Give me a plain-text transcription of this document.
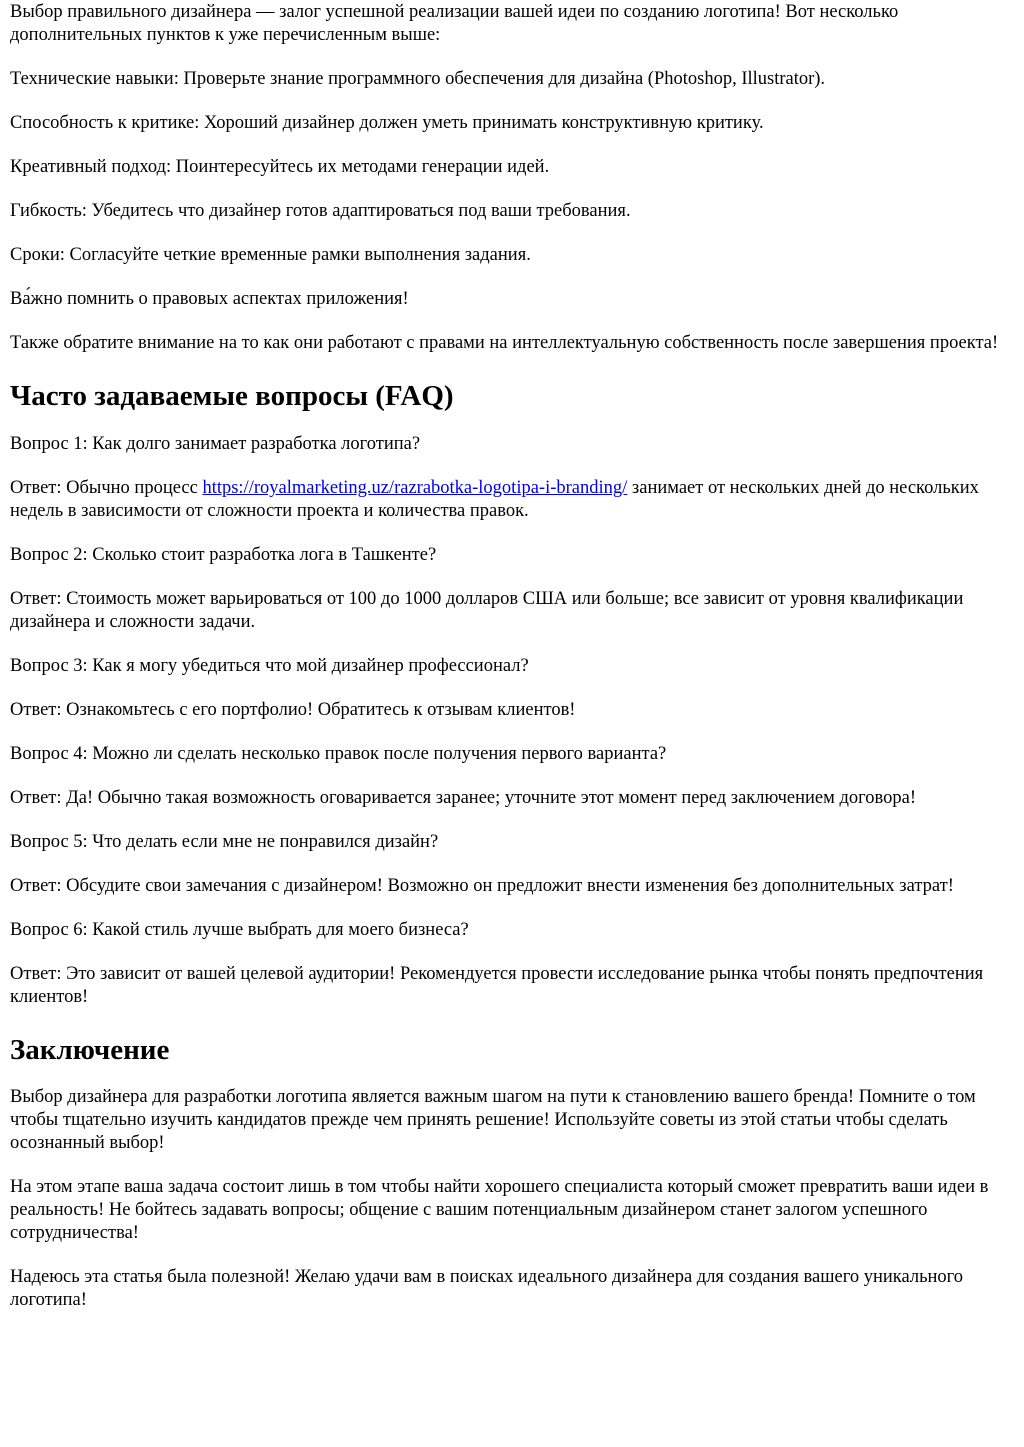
Выбор правильного дизайнера — залог успешной реализации вашей идеи по созданию логотипа! Вот несколько дополнительных пунктов к уже перечисленным выше:

Технические навыки: Проверьте знание программного обеспечения для дизайна (Photoshop, Illustrator).

Способность к критике: Хороший дизайнер должен уметь принимать конструктивную критику.

Креативный подход: Поинтересуйтесь их методами генерации идей.

Гибкость: Убедитесь что дизайнер готов адаптироваться под ваши требования.

Сроки: Согласуйте четкие временные рамки выполнения задания.

Ва́жно помнить о правовых аспектах приложения!

Также обратите внимание на то как они работают с правами на интеллектуальную собственность после завершения проекта!

Часто задаваемые вопросы (FAQ)

Вопрос 1: Как долго занимает разработка логотипа?

Ответ: Обычно процесс https://royalmarketing.uz/razrabotka-logotipa-i-branding/ занимает от нескольких дней до нескольких недель в зависимости от сложности проекта и количества правок.

Вопрос 2: Сколько стоит разработка лога в Ташкенте?

Ответ: Стоимость может варьироваться от 100 до 1000 долларов США или больше; все зависит от уровня квалификации дизайнера и сложности задачи.

Вопрос 3: Как я могу убедиться что мой дизайнер профессионал?

Ответ: Ознакомьтесь с его портфолио! Обратитесь к отзывам клиентов!

Вопрос 4: Можно ли сделать несколько правок после получения первого варианта?

Ответ: Да! Обычно такая возможность оговаривается заранее; уточните этот момент перед заключением договора!

Вопрос 5: Что делать если мне не понравился дизайн?

Ответ: Обсудите свои замечания с дизайнером! Возможно он предложит внести изменения без дополнительных затрат!

Вопрос 6: Какой стиль лучше выбрать для моего бизнеса?

Ответ: Это зависит от вашей целевой аудитории! Рекомендуется провести исследование рынка чтобы понять предпочтения клиентов!

Заключение

Выбор дизайнера для разработки логотипа является важным шагом на пути к становлению вашего бренда! Помните о том чтобы тщательно изучить кандидатов прежде чем принять решение! Используйте советы из этой статьи чтобы сделать осознанный выбор!

На этом этапе ваша задача состоит лишь в том чтобы найти хорошего специалиста который сможет превратить ваши идеи в реальность! Не бойтесь задавать вопросы; общение с вашим потенциальным дизайнером станет залогом успешного сотрудничества!

Надеюсь эта статья была полезной! Желаю удачи вам в поисках идеального дизайнера для создания вашего уникального логотипа!
